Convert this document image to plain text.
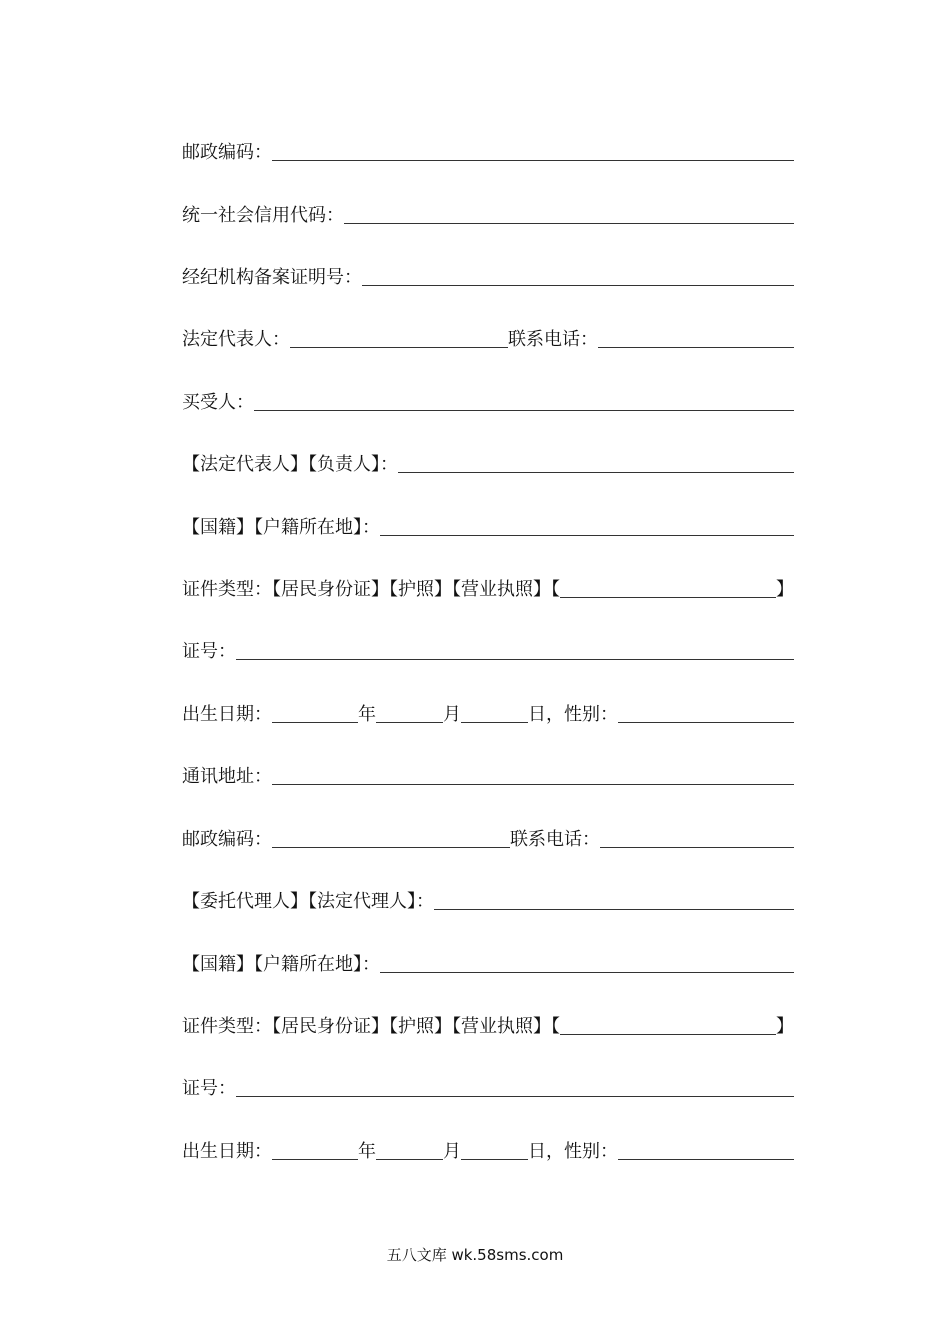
邮政编码：
统一社会信用代码：
经纪机构备案证明号：
法定代表人：	联系电话：
买受人：
【法定代表人】【负责人】：
【国籍】【户籍所在地】：
证件类型：【居民身份证】【护照】【营业执照】【	】
证号：
出生日期：	年	月	日，性别：
通讯地址：
邮政编码：	联系电话：
【委托代理人】【法定代理人】：
【国籍】【户籍所在地】：
证件类型：【居民身份证】【护照】【营业执照】【	】
证号：
出生日期：	年	月	日，性别：
五八文库 wk.58sms.com
